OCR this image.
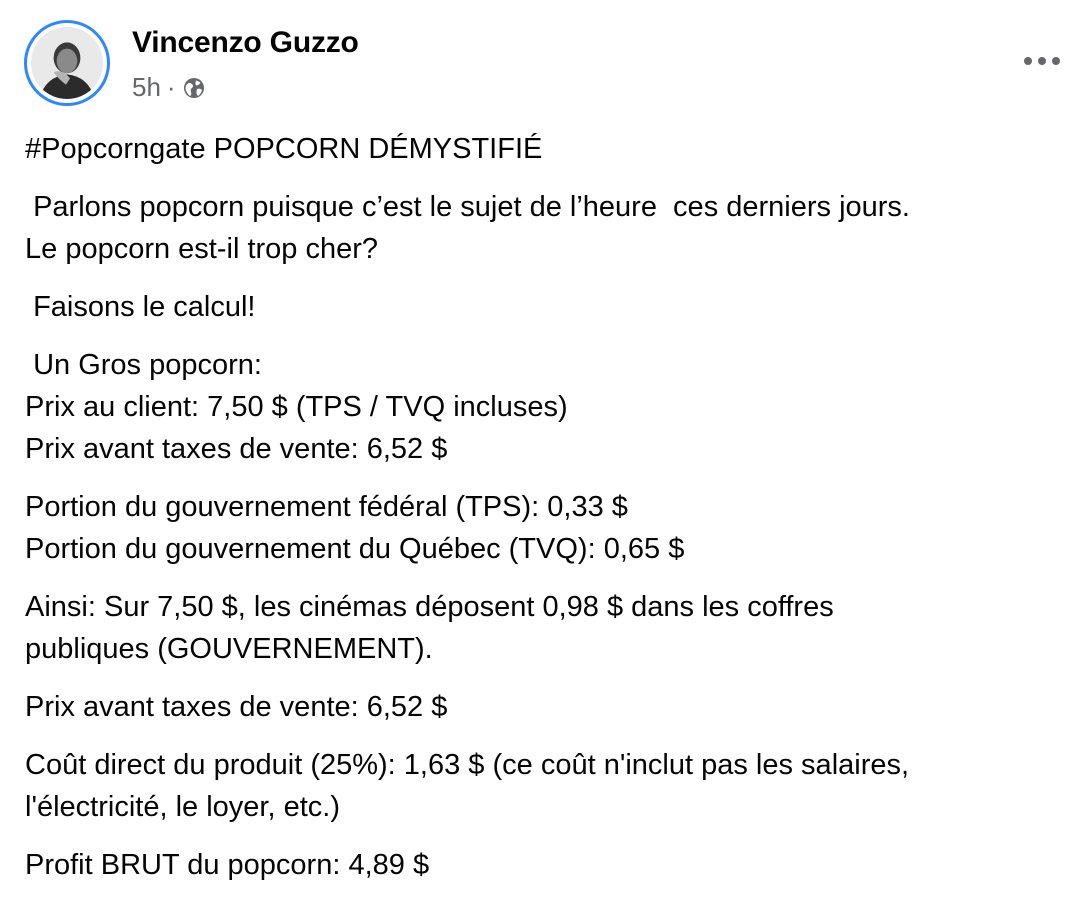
Vincenzo Guzzo
5h ·

#Popcorngate POPCORN DÉMYSTIFIÉ

Parlons popcorn puisque c’est le sujet de l’heure  ces derniers jours.
Le popcorn est-il trop cher?

Faisons le calcul!

Un Gros popcorn:
Prix au client: 7,50 $ (TPS / TVQ incluses)
Prix avant taxes de vente: 6,52 $

Portion du gouvernement fédéral (TPS): 0,33 $
Portion du gouvernement du Québec (TVQ): 0,65 $

Ainsi: Sur 7,50 $, les cinémas déposent 0,98 $ dans les coffres
publiques (GOUVERNEMENT).

Prix avant taxes de vente: 6,52 $

Coût direct du produit (25%): 1,63 $ (ce coût n'inclut pas les salaires,
l'électricité, le loyer, etc.)

Profit BRUT du popcorn: 4,89 $
